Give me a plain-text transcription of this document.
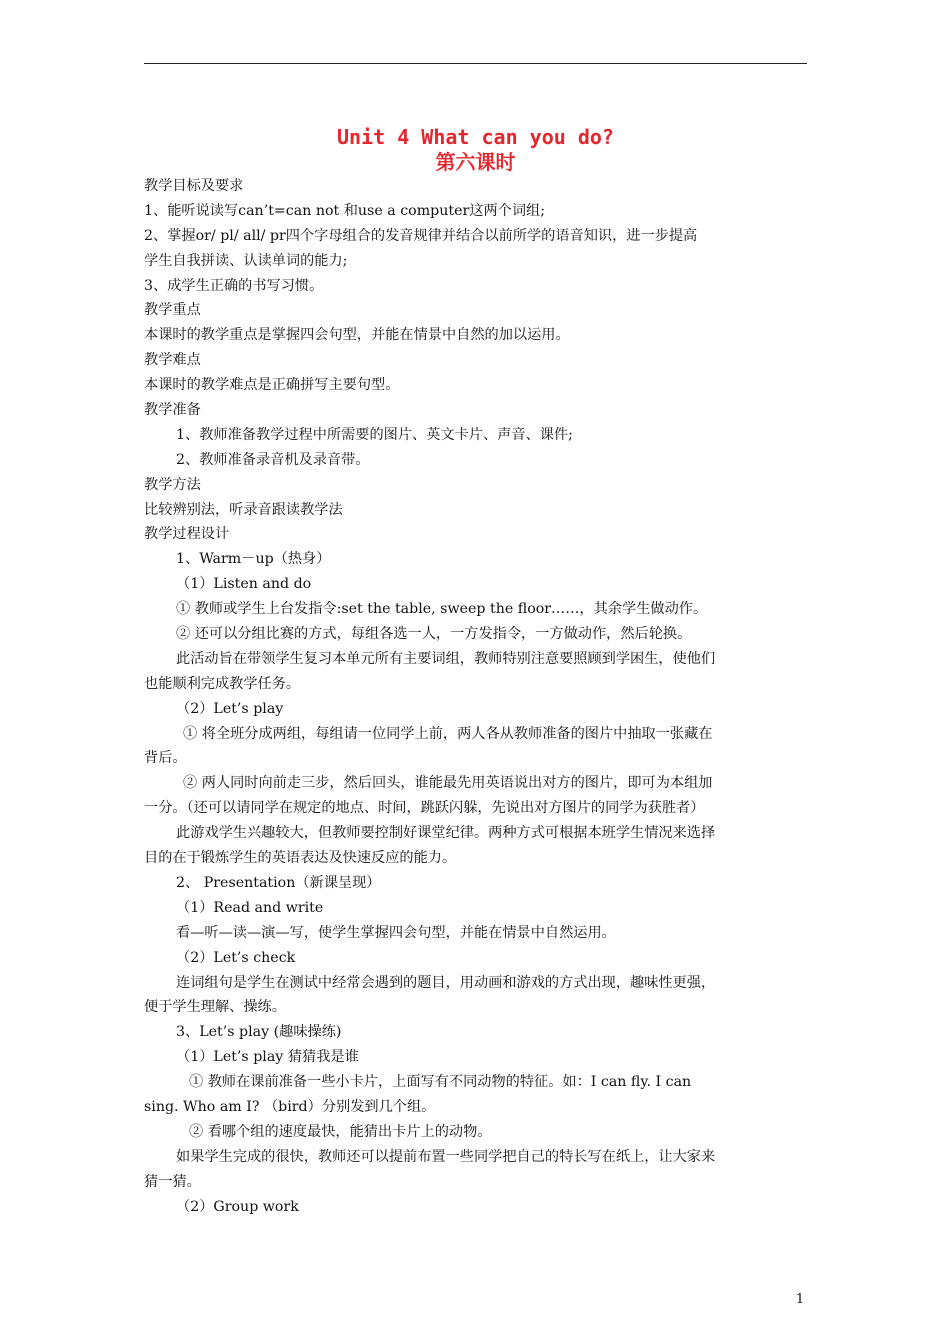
Unit 4 What can you do?
第六课时
教学目标及要求
1、能听说读写can’t=can not 和use a computer这两个词组;
2、掌握or/ pl/ all/ pr四个字母组合的发音规律并结合以前所学的语音知识，进一步提高
学生自我拼读、认读单词的能力;
3、成学生正确的书写习惯。
教学重点
本课时的教学重点是掌握四会句型，并能在情景中自然的加以运用。
教学难点
本课时的教学难点是正确拼写主要句型。
教学准备
1、教师准备教学过程中所需要的图片、英文卡片、声音、课件;
2、教师准备录音机及录音带。
教学方法
比较辨别法，听录音跟读教学法
教学过程设计
1、Warm－up（热身）
（1）Listen and do
① 教师或学生上台发指令:set the table, sweep the floor……，其余学生做动作。
② 还可以分组比赛的方式，每组各选一人，一方发指令，一方做动作，然后轮换。
此活动旨在带领学生复习本单元所有主要词组，教师特别注意要照顾到学困生，使他们
也能顺利完成教学任务。
（2）Let’s play
① 将全班分成两组，每组请一位同学上前，两人各从教师准备的图片中抽取一张藏在
背后。
② 两人同时向前走三步，然后回头，谁能最先用英语说出对方的图片，即可为本组加
一分。（还可以请同学在规定的地点、时间，跳跃闪躲，先说出对方图片的同学为获胜者）
此游戏学生兴趣较大，但教师要控制好课堂纪律。两种方式可根据本班学生情况来选择
目的在于锻炼学生的英语表达及快速反应的能力。
2、 Presentation（新课呈现）
（1）Read and write
看—听—读—演—写，使学生掌握四会句型，并能在情景中自然运用。
（2）Let’s check
连词组句是学生在测试中经常会遇到的题目，用动画和游戏的方式出现，趣味性更强，
便于学生理解、操练。
3、Let’s play (趣味操练)
（1）Let’s play 猜猜我是谁
① 教师在课前准备一些小卡片，上面写有不同动物的特征。如：I can fly. I can
sing. Who am I? （bird）分别发到几个组。
② 看哪个组的速度最快，能猜出卡片上的动物。
如果学生完成的很快，教师还可以提前布置一些同学把自己的特长写在纸上，让大家来
猜一猜。
（2）Group work
1
